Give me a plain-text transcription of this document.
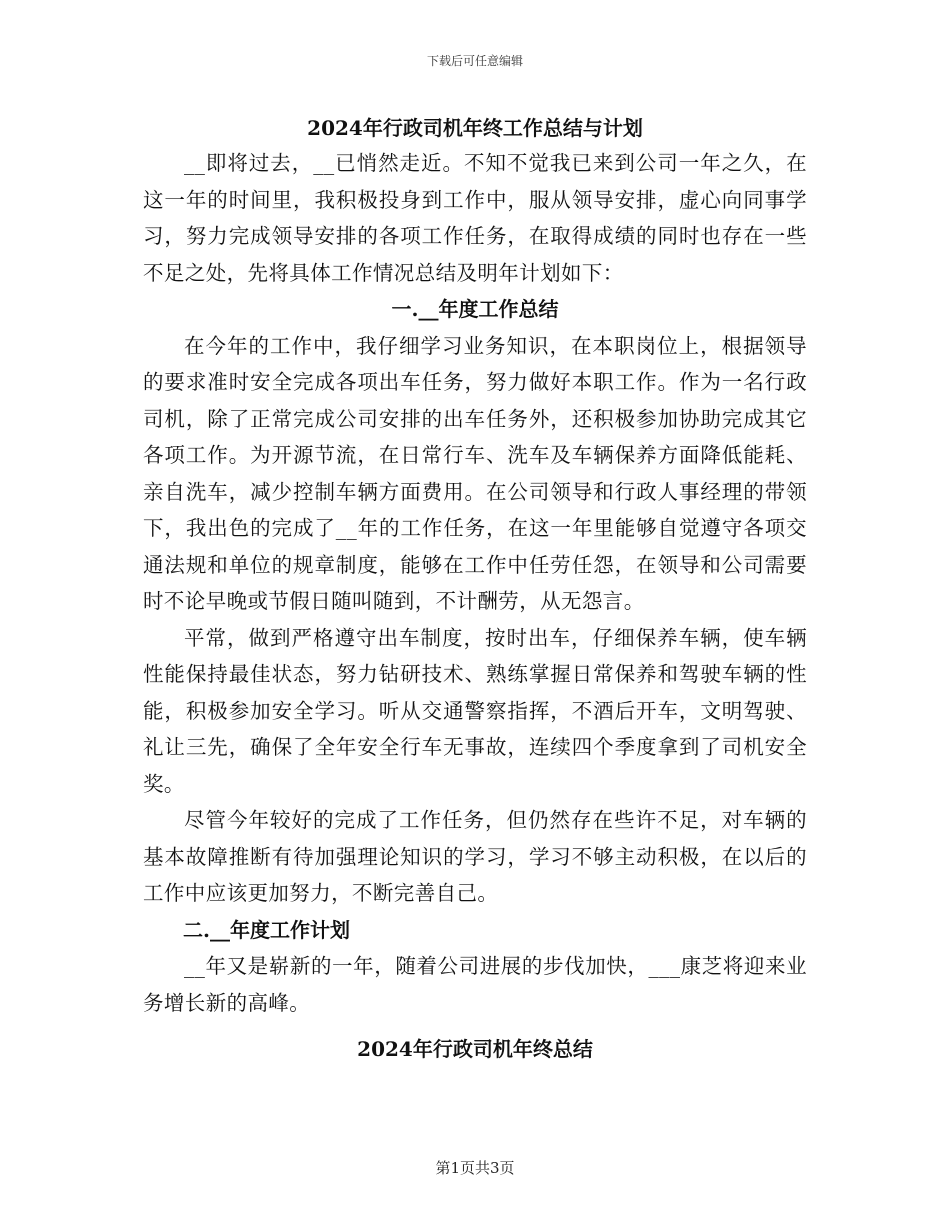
下载后可任意编辑
2024年行政司机年终工作总结与计划

__即将过去，__已悄然走近。不知不觉我已来到公司一年之久，在这一年的时间里，我积极投身到工作中，服从领导安排，虚心向同事学习，努力完成领导安排的各项工作任务，在取得成绩的同时也存在一些不足之处，先将具体工作情况总结及明年计划如下：

一.__年度工作总结

在今年的工作中，我仔细学习业务知识，在本职岗位上，根据领导的要求准时安全完成各项出车任务，努力做好本职工作。作为一名行政司机，除了正常完成公司安排的出车任务外，还积极参加协助完成其它各项工作。为开源节流，在日常行车、洗车及车辆保养方面降低能耗、亲自洗车，减少控制车辆方面费用。在公司领导和行政人事经理的带领下，我出色的完成了__年的工作任务，在这一年里能够自觉遵守各项交通法规和单位的规章制度，能够在工作中任劳任怨，在领导和公司需要时不论早晚或节假日随叫随到，不计酬劳，从无怨言。

平常，做到严格遵守出车制度，按时出车，仔细保养车辆，使车辆性能保持最佳状态，努力钻研技术、熟练掌握日常保养和驾驶车辆的性能，积极参加安全学习。听从交通警察指挥，不酒后开车，文明驾驶、礼让三先，确保了全年安全行车无事故，连续四个季度拿到了司机安全奖。

尽管今年较好的完成了工作任务，但仍然存在些许不足，对车辆的基本故障推断有待加强理论知识的学习，学习不够主动积极，在以后的工作中应该更加努力，不断完善自己。

二.__年度工作计划

__年又是崭新的一年，随着公司进展的步伐加快，___康芝将迎来业务增长新的高峰。

2024年行政司机年终总结
第1页共3页
